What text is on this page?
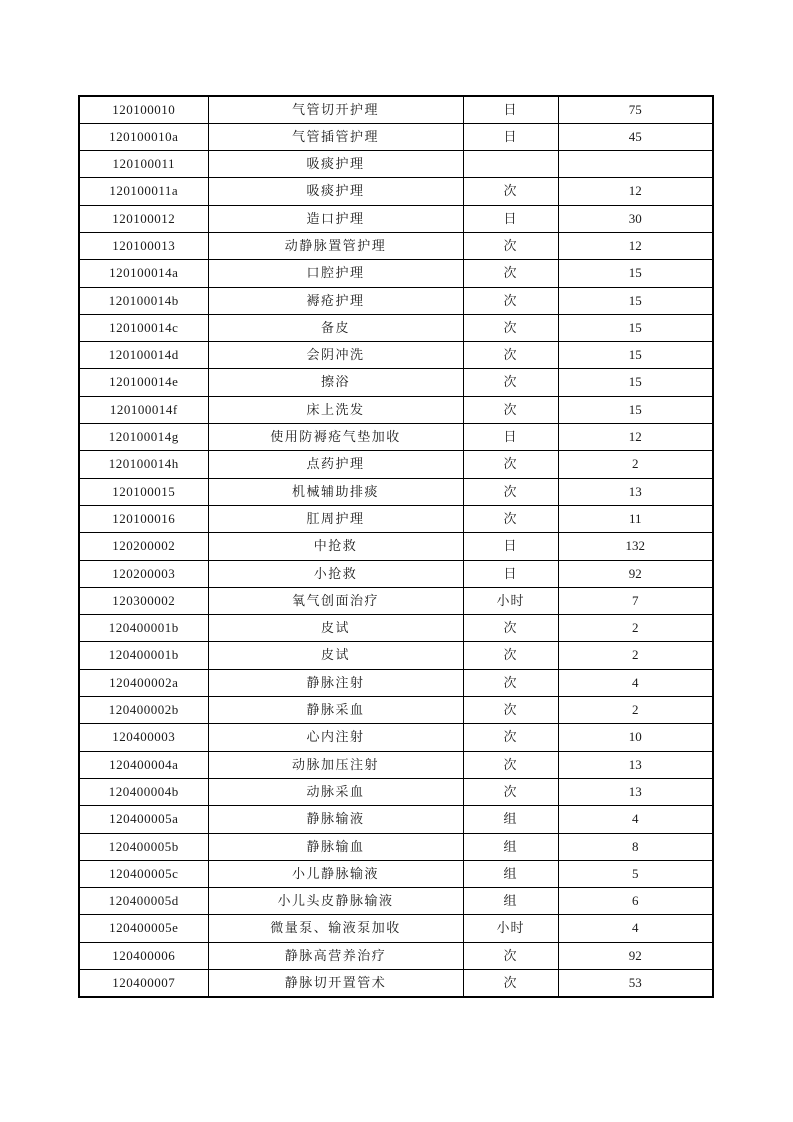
120100010	气管切开护理	日	75
120100010a	气管插管护理	日	45
120100011	吸痰护理		
120100011a	吸痰护理	次	12
120100012	造口护理	日	30
120100013	动静脉置管护理	次	12
120100014a	口腔护理	次	15
120100014b	褥疮护理	次	15
120100014c	备皮	次	15
120100014d	会阴冲洗	次	15
120100014e	擦浴	次	15
120100014f	床上洗发	次	15
120100014g	使用防褥疮气垫加收	日	12
120100014h	点药护理	次	2
120100015	机械辅助排痰	次	13
120100016	肛周护理	次	11
120200002	中抢救	日	132
120200003	小抢救	日	92
120300002	氧气创面治疗	小时	7
120400001b	皮试	次	2
120400001b	皮试	次	2
120400002a	静脉注射	次	4
120400002b	静脉采血	次	2
120400003	心内注射	次	10
120400004a	动脉加压注射	次	13
120400004b	动脉采血	次	13
120400005a	静脉输液	组	4
120400005b	静脉输血	组	8
120400005c	小儿静脉输液	组	5
120400005d	小儿头皮静脉输液	组	6
120400005e	微量泵、输液泵加收	小时	4
120400006	静脉高营养治疗	次	92
120400007	静脉切开置管术	次	53
